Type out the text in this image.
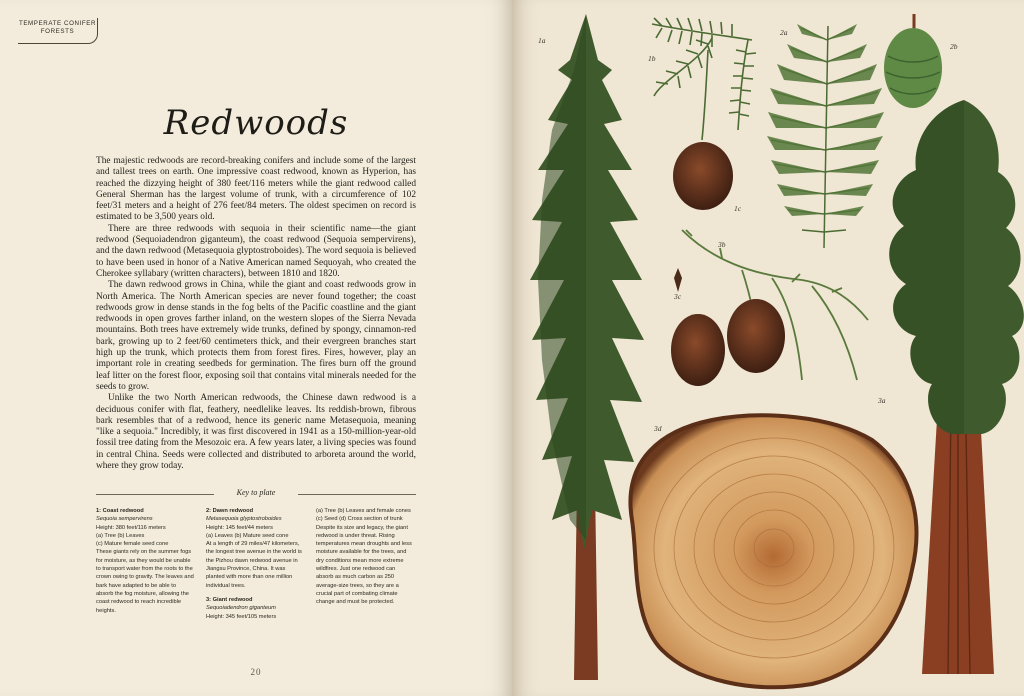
TEMPERATE CONIFER
FORESTS
Redwoods

The majestic redwoods are record-breaking conifers and include some of the largest and tallest trees on earth. One impressive coast redwood, known as Hyperion, has reached the dizzying height of 380 feet/116 meters while the giant redwood called General Sherman has the largest volume of trunk, with a circumference of 102 feet/31 meters and a height of 276 feet/84 meters. The oldest specimen on record is estimated to be 3,500 years old.

There are three redwoods with sequoia in their scientific name—the giant redwood (Sequoiadendron giganteum), the coast redwood (Sequoia sempervirens), and the dawn redwood (Metasequoia glyptostroboides). The word sequoia is believed to have been used in honor of a Native American named Sequoyah, who created the Cherokee syllabary (written characters), between 1810 and 1820.

The dawn redwood grows in China, while the giant and coast redwoods grow in North America. The North American species are never found together; the coast redwoods grow in dense stands in the fog belts of the Pacific coastline and the giant redwoods in open groves farther inland, on the western slopes of the Sierra Nevada mountains. Both trees have extremely wide trunks, defined by spongy, cinnamon-red bark, growing up to 2 feet/60 centimeters thick, and their evergreen branches start high up the trunk, which protects them from forest fires. Fires, however, play an important role in creating seedbeds for germination. The fires burn off the ground leaf litter on the forest floor, exposing soil that contains vital minerals needed for the seeds to grow.

Unlike the two North American redwoods, the Chinese dawn redwood is a deciduous conifer with flat, feathery, needlelike leaves. Its reddish-brown, fibrous bark resembles that of a redwood, hence its generic name Metasequoia, meaning "like a sequoia." Incredibly, it was first discovered in 1941 as a 150-million-year-old fossil tree dating from the Mesozoic era. A few years later, a living species was found in central China. Seeds were collected and distributed to arboreta around the world, where they grow today.

Key to plate
1: Coast redwood
Sequoia sempervirens
Height: 380 feet/116 meters
(a) Tree (b) Leaves
(c) Mature female seed cone
These giants rely on the summer fogs for moisture, as they would be unable to transport water from the roots to the crown owing to gravity. The leaves and bark have adapted to be able to absorb the fog moisture, allowing the coast redwood to reach incredible heights.
2: Dawn redwood
Metasequoia glyptostroboides
Height: 145 feet/44 meters
(a) Leaves (b) Mature seed cone
At a length of 29 miles/47 kilometers, the longest tree avenue in the world is the Pizhou dawn redwood avenue in Jiangsu Province, China. It was planted with more than one million individual trees.
3: Giant redwood
Sequoiadendron giganteum
Height: 345 feet/105 meters
(a) Tree (b) Leaves and female cones
(c) Seed (d) Cross section of trunk
Despite its size and legacy, the giant redwood is under threat. Rising temperatures mean droughts and less moisture available for the trees, and dry conditions mean more extreme wildfires. Just one redwood can absorb as much carbon as 250 average-size trees, so they are a crucial part of combating climate change and must be protected.
20
1a
1b
1c
2a
2b
3b
3c
3d
3a
